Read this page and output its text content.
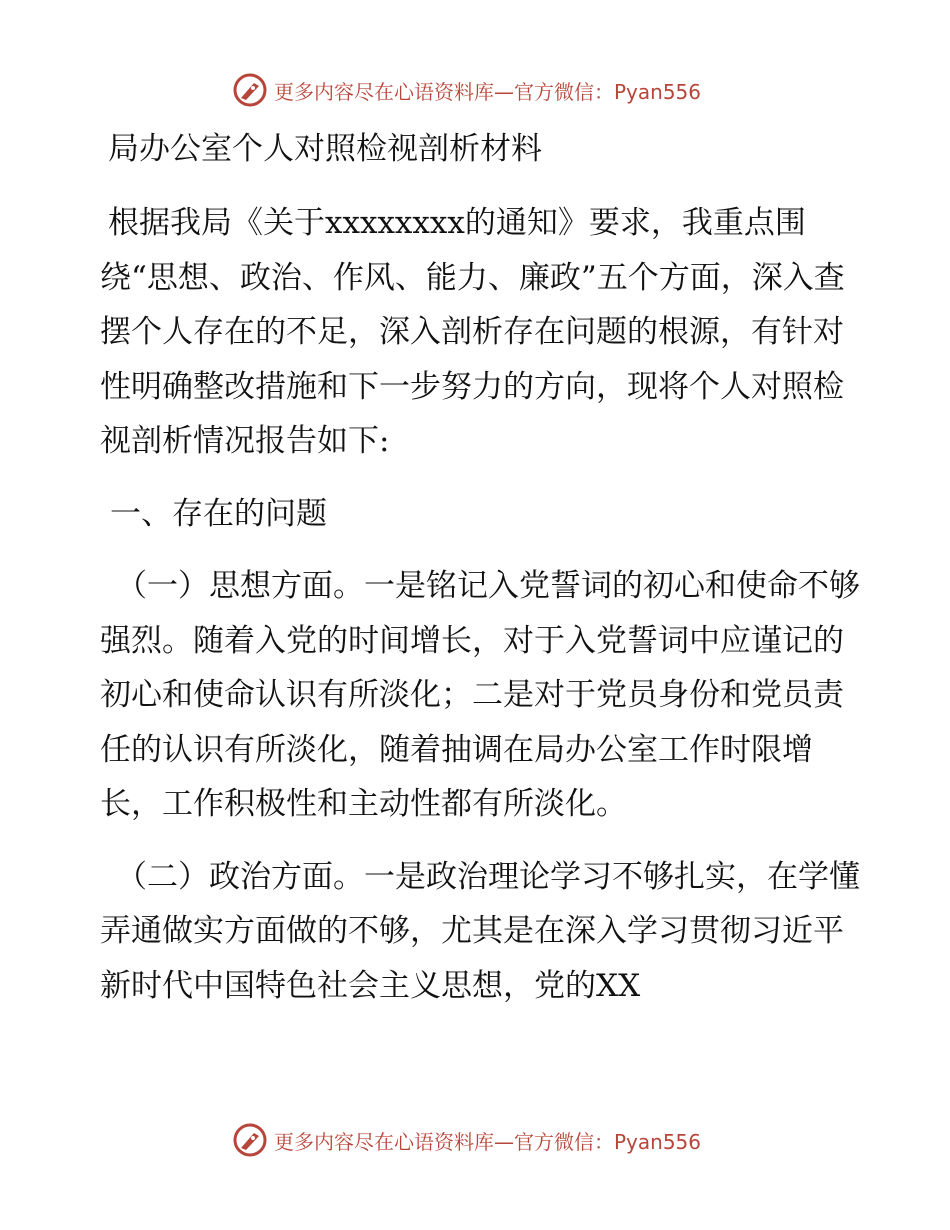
更多内容尽在心语资料库—官方微信：Pyan556
局办公室个人对照检视剖析材料

根据我局《关于xxxxxxxx的通知》要求，我重点围绕“思想、政治、作风、能力、廉政”五个方面，深入查摆个人存在的不足，深入剖析存在问题的根源，有针对性明确整改措施和下一步努力的方向，现将个人对照检视剖析情况报告如下:

一、存在的问题

（一）思想方面。一是铭记入党誓词的初心和使命不够强烈。随着入党的时间增长，对于入党誓词中应谨记的初心和使命认识有所淡化；二是对于党员身份和党员责任的认识有所淡化，随着抽调在局办公室工作时限增长，工作积极性和主动性都有所淡化。

（二）政治方面。一是政治理论学习不够扎实，在学懂弄通做实方面做的不够，尤其是在深入学习贯彻习近平新时代中国特色社会主义思想，党的XX

更多内容尽在心语资料库—官方微信：Pyan556
